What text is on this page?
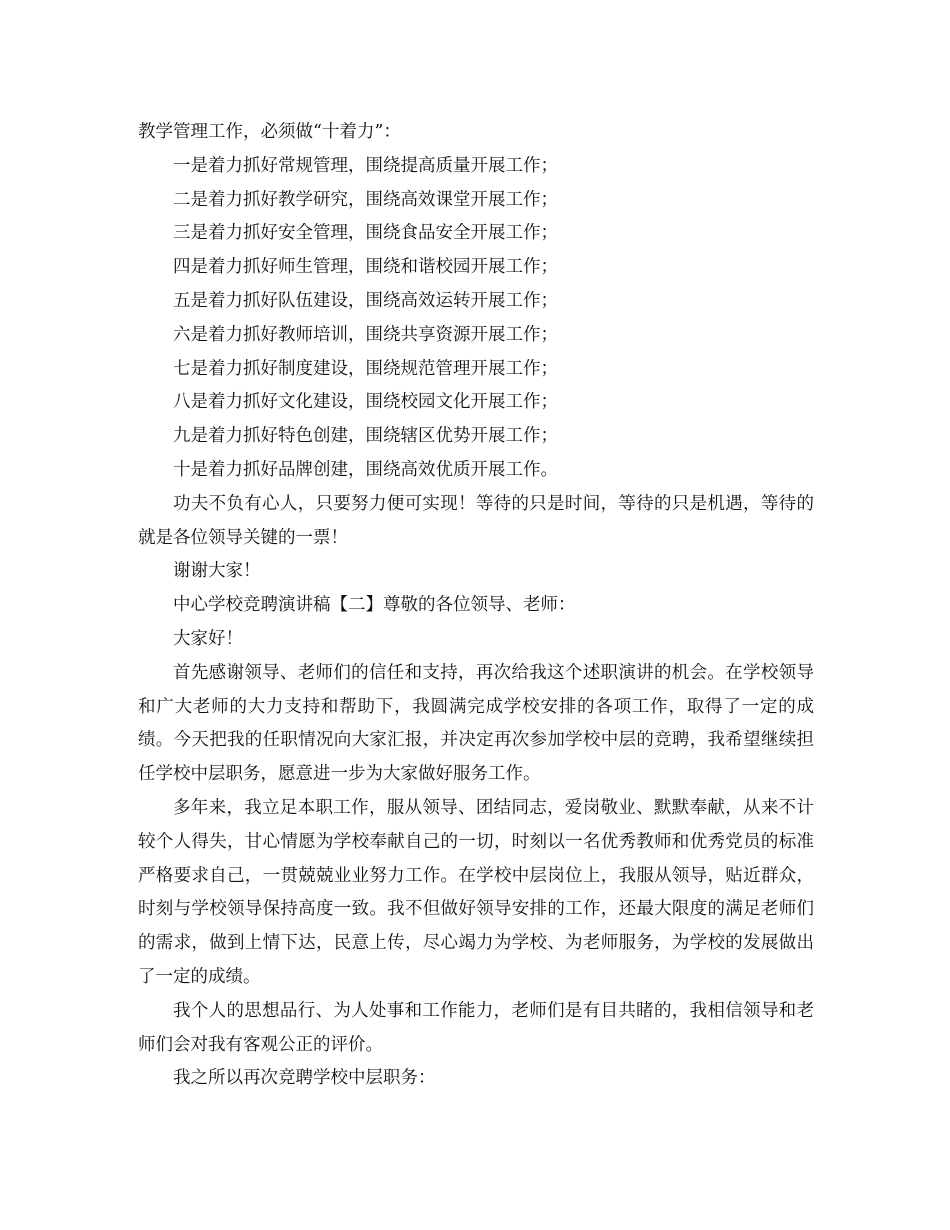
教学管理工作，必须做“十着力”：

一是着力抓好常规管理，围绕提高质量开展工作；

二是着力抓好教学研究，围绕高效课堂开展工作；

三是着力抓好安全管理，围绕食品安全开展工作；

四是着力抓好师生管理，围绕和谐校园开展工作；

五是着力抓好队伍建设，围绕高效运转开展工作；

六是着力抓好教师培训，围绕共享资源开展工作；

七是着力抓好制度建设，围绕规范管理开展工作；

八是着力抓好文化建设，围绕校园文化开展工作；

九是着力抓好特色创建，围绕辖区优势开展工作；

十是着力抓好品牌创建，围绕高效优质开展工作。

功夫不负有心人，只要努力便可实现！等待的只是时间，等待的只是机遇，等待的就是各位领导关键的一票！

谢谢大家！

中心学校竞聘演讲稿【二】尊敬的各位领导、老师：

大家好！

首先感谢领导、老师们的信任和支持，再次给我这个述职演讲的机会。在学校领导和广大老师的大力支持和帮助下，我圆满完成学校安排的各项工作，取得了一定的成绩。今天把我的任职情况向大家汇报，并决定再次参加学校中层的竞聘，我希望继续担任学校中层职务，愿意进一步为大家做好服务工作。

多年来，我立足本职工作，服从领导、团结同志，爱岗敬业、默默奉献，从来不计较个人得失，甘心情愿为学校奉献自己的一切，时刻以一名优秀教师和优秀党员的标准严格要求自己，一贯兢兢业业努力工作。在学校中层岗位上，我服从领导，贴近群众，时刻与学校领导保持高度一致。我不但做好领导安排的工作，还最大限度的满足老师们的需求，做到上情下达，民意上传，尽心竭力为学校、为老师服务，为学校的发展做出了一定的成绩。

我个人的思想品行、为人处事和工作能力，老师们是有目共睹的，我相信领导和老师们会对我有客观公正的评价。

我之所以再次竞聘学校中层职务：
